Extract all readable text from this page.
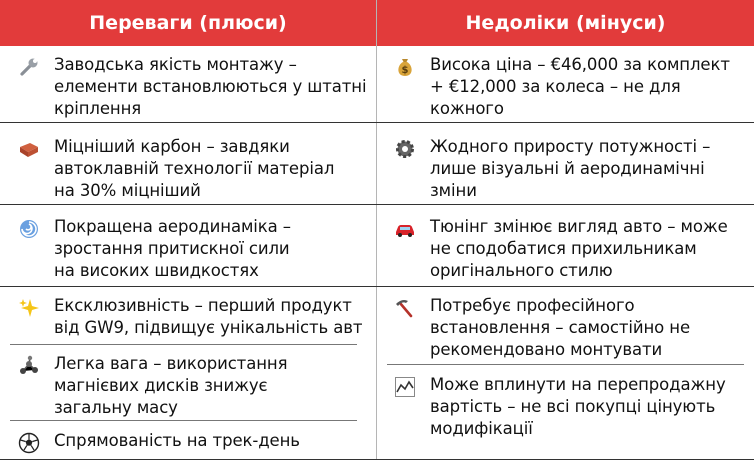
Переваги (плюси)	Недоліки (мінуси)
Заводська якість монтажу –
елементи встановлюються у штатні
кріплення
Міцніший карбон – завдяки
автоклавній технології матеріал
на 30% міцніший
Покращена аеродинаміка –
зростання притискної сили
на високих швидкостях
Ексклюзивність – перший продукт
від GW9, підвищує унікальність авт
Легка вага – використання
магнієвих дисків знижує
загальну масу
Спрямованість на трек-день
$ Висока ціна – €46,000 за комплект
+ €12,000 за колеса – не для
кожного
Жодного приросту потужності –
лише візуальні й аеродинамічні
зміни
Тюнінг змінює вигляд авто – може
не сподобатися прихильникам
оригінального стилю
Потребує професійного
встановлення – самостійно не
рекомендовано монтувати
Може вплинути на перепродажну
вартість – не всі покупці цінують
модифікації
